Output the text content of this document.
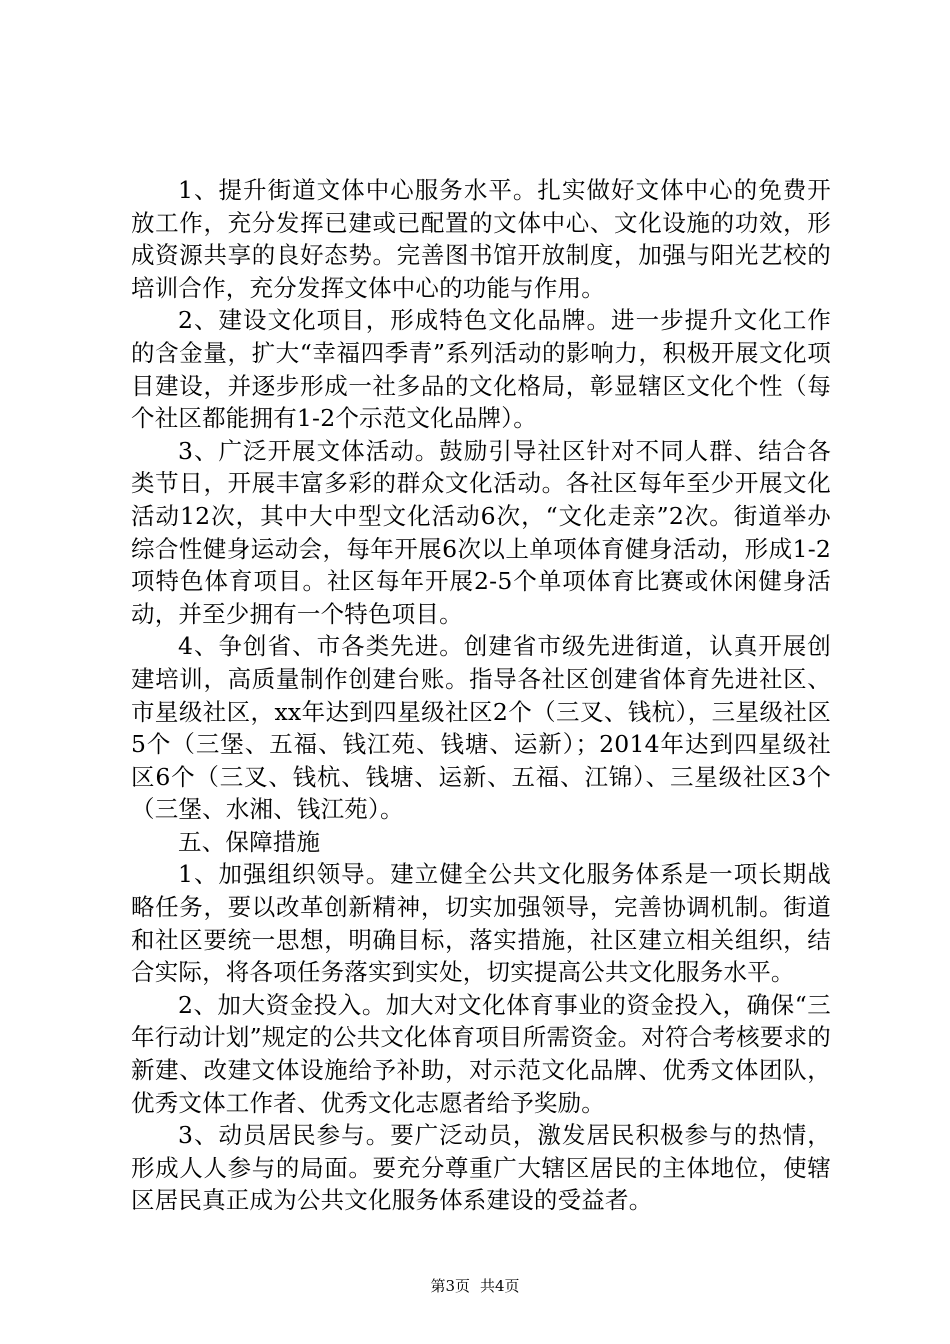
1、提升街道文体中心服务水平。扎实做好文体中心的免费开放工作，充分发挥已建或已配置的文体中心、文化设施的功效，形成资源共享的良好态势。完善图书馆开放制度，加强与阳光艺校的培训合作，充分发挥文体中心的功能与作用。

2、建设文化项目，形成特色文化品牌。进一步提升文化工作的含金量，扩大“幸福四季青”系列活动的影响力，积极开展文化项目建设，并逐步形成一社多品的文化格局，彰显辖区文化个性（每个社区都能拥有1-2个示范文化品牌）。

3、广泛开展文体活动。鼓励引导社区针对不同人群、结合各类节日，开展丰富多彩的群众文化活动。各社区每年至少开展文化活动12次，其中大中型文化活动6次，“文化走亲”2次。街道举办综合性健身运动会，每年开展6次以上单项体育健身活动，形成1-2项特色体育项目。社区每年开展2-5个单项体育比赛或休闲健身活动，并至少拥有一个特色项目。

4、争创省、市各类先进。创建省市级先进街道，认真开展创建培训，高质量制作创建台账。指导各社区创建省体育先进社区、市星级社区，xx年达到四星级社区2个（三叉、钱杭），三星级社区5个（三堡、五福、钱江苑、钱塘、运新）；2014年达到四星级社区6个（三叉、钱杭、钱塘、运新、五福、江锦）、三星级社区3个（三堡、水湘、钱江苑）。

五、保障措施

1、加强组织领导。建立健全公共文化服务体系是一项长期战略任务，要以改革创新精神，切实加强领导，完善协调机制。街道和社区要统一思想，明确目标，落实措施，社区建立相关组织，结合实际，将各项任务落实到实处，切实提高公共文化服务水平。

2、加大资金投入。加大对文化体育事业的资金投入，确保“三年行动计划”规定的公共文化体育项目所需资金。对符合考核要求的新建、改建文体设施给予补助，对示范文化品牌、优秀文体团队，优秀文体工作者、优秀文化志愿者给予奖励。

3、动员居民参与。要广泛动员，激发居民积极参与的热情，形成人人参与的局面。要充分尊重广大辖区居民的主体地位，使辖区居民真正成为公共文化服务体系建设的受益者。

第3页 共4页
